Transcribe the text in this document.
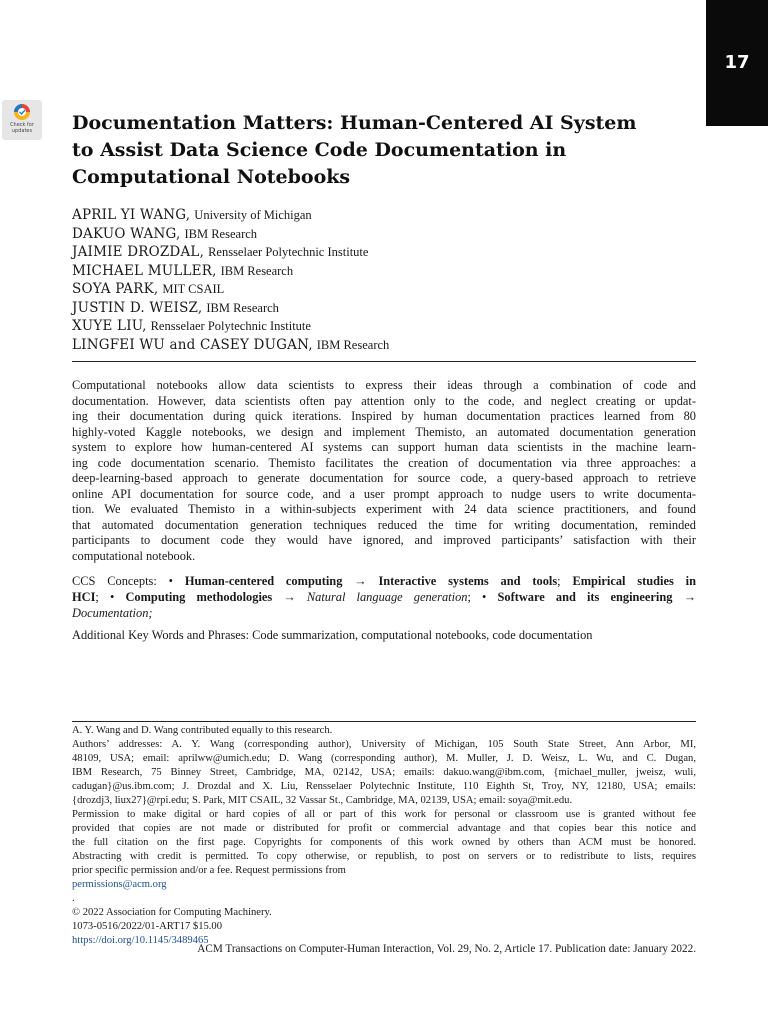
17
Check for
updates	Documentation Matters: Human-Centered AI System
to Assist Data Science Code Documentation in
Computational Notebooks
APRIL YI WANG, University of Michigan
DAKUO WANG, IBM Research
JAIMIE DROZDAL, Rensselaer Polytechnic Institute
MICHAEL MULLER, IBM Research
SOYA PARK, MIT CSAIL
JUSTIN D. WEISZ, IBM Research
XUYE LIU, Rensselaer Polytechnic Institute
LINGFEI WU and CASEY DUGAN, IBM Research

Computational notebooks allow data scientists to express their ideas through a combination of code and
documentation. However, data scientists often pay attention only to the code, and neglect creating or updat-
ing their documentation during quick iterations. Inspired by human documentation practices learned from 80
highly-voted Kaggle notebooks, we design and implement Themisto, an automated documentation generation
system to explore how human-centered AI systems can support human data scientists in the machine learn-
ing code documentation scenario. Themisto facilitates the creation of documentation via three approaches: a
deep-learning-based approach to generate documentation for source code, a query-based approach to retrieve
online API documentation for source code, and a user prompt approach to nudge users to write documenta-
tion. We evaluated Themisto in a within-subjects experiment with 24 data science practitioners, and found
that automated documentation generation techniques reduced the time for writing documentation, reminded
participants to document code they would have ignored, and improved participants’ satisfaction with their
computational notebook.

CCS Concepts: • Human-centered computing → Interactive systems and tools; Empirical studies in
HCI; • Computing methodologies → Natural language generation; • Software and its engineering →
Documentation;

Additional Key Words and Phrases: Code summarization, computational notebooks, code documentation

A. Y. Wang and D. Wang contributed equally to this research.
Authors’ addresses: A. Y. Wang (corresponding author), University of Michigan, 105 South State Street, Ann Arbor, MI,
48109, USA; email: aprilww@umich.edu; D. Wang (corresponding author), M. Muller, J. D. Weisz, L. Wu, and C. Dugan,
IBM Research, 75 Binney Street, Cambridge, MA, 02142, USA; emails: dakuo.wang@ibm.com, {michael_muller, jweisz, wuli,
cadugan}@us.ibm.com; J. Drozdal and X. Liu, Rensselaer Polytechnic Institute, 110 Eighth St, Troy, NY, 12180, USA; emails:
{drozdj3, liux27}@rpi.edu; S. Park, MIT CSAIL, 32 Vassar St., Cambridge, MA, 02139, USA; email: soya@mit.edu.
Permission to make digital or hard copies of all or part of this work for personal or classroom use is granted without fee
provided that copies are not made or distributed for profit or commercial advantage and that copies bear this notice and
the full citation on the first page. Copyrights for components of this work owned by others than ACM must be honored.
Abstracting with credit is permitted. To copy otherwise, or republish, to post on servers or to redistribute to lists, requires
prior specific permission and/or a fee. Request permissions from
permissions@acm.org
.
© 2022 Association for Computing Machinery.
1073-0516/2022/01-ART17 $15.00
https://doi.org/10.1145/3489465

ACM Transactions on Computer-Human Interaction, Vol. 29, No. 2, Article 17. Publication date: January 2022.
